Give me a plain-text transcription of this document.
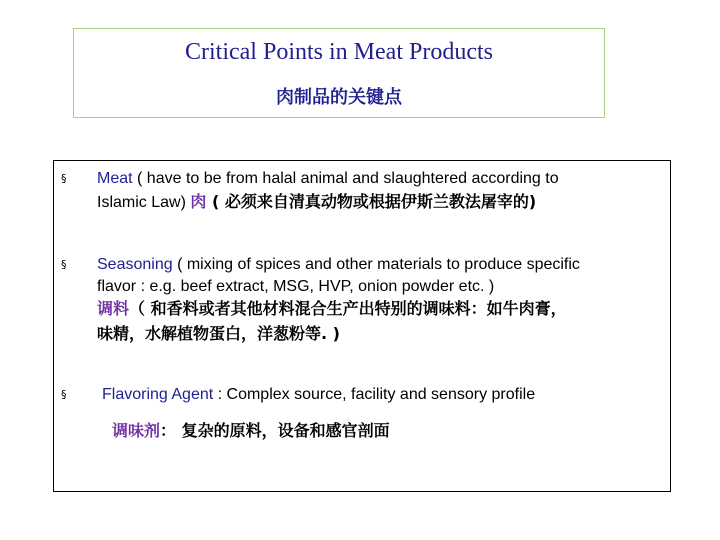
Critical Points in Meat Products
肉制品的关键点
§ Meat ( have to be from halal animal and slaughtered according to
Islamic Law) 肉 ( 必须来自清真动物或根据伊斯兰教法屠宰的)
§ Seasoning ( mixing of spices and other materials to produce specific
flavor : e.g. beef extract, MSG, HVP, onion powder etc. )
调料（ 和香料或者其他材料混合生产出特别的调味料：如牛肉膏，
味精，水解植物蛋白，洋葱粉等. )
§ Flavoring Agent : Complex source, facility and sensory profile
调味剂： 复杂的原料，设备和感官剖面
